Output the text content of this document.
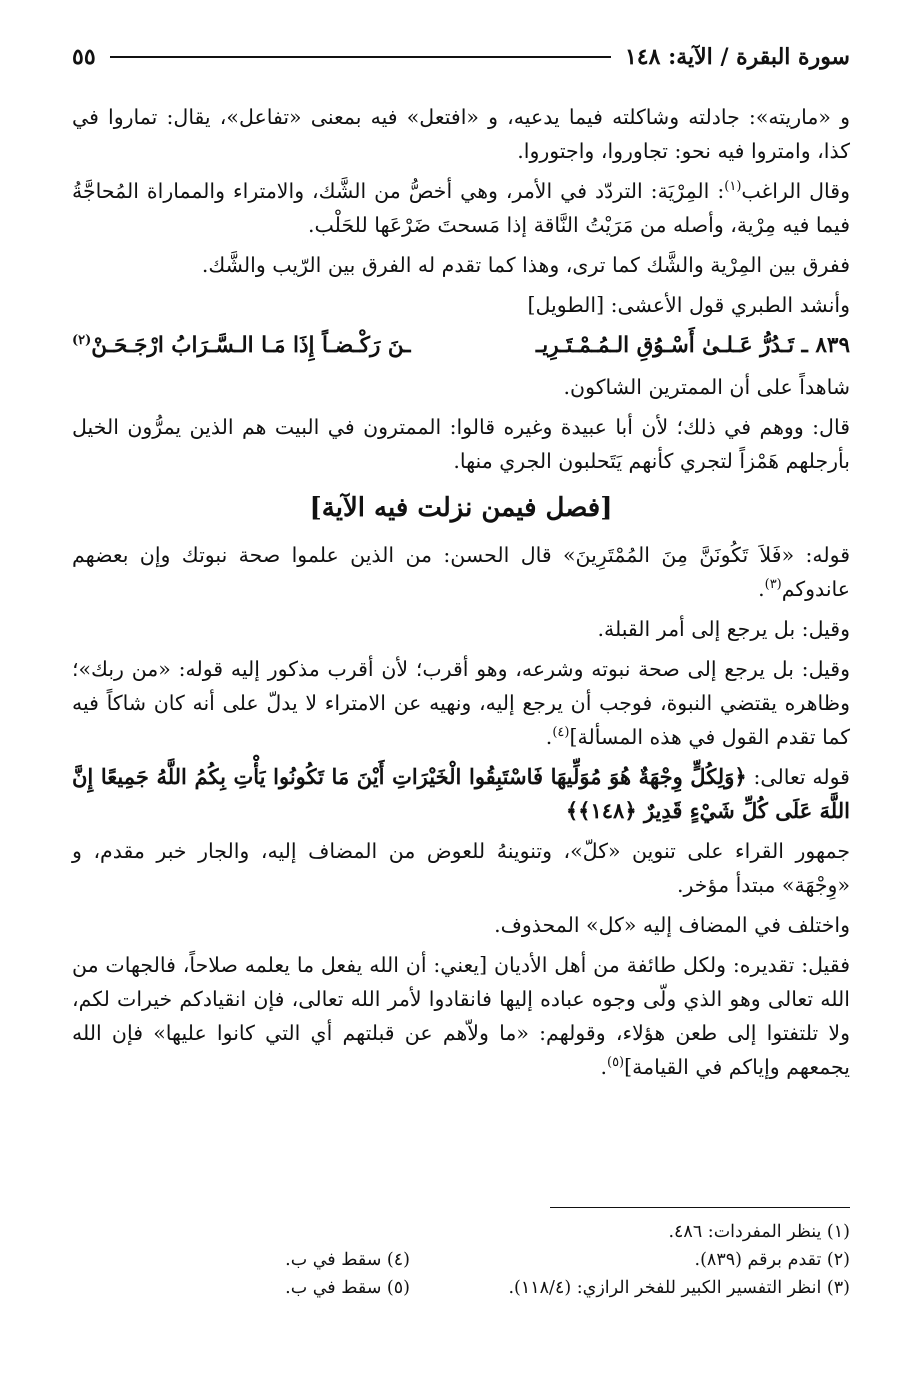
سورة البقرة / الآية: ١٤٨
٥٥

و «ماريته»: جادلته وشاكلته فيما يدعيه، و «افتعل» فيه بمعنى «تفاعل»، يقال: تماروا في كذا، وامتروا فيه نحو: تجاوروا، واجتوروا.

وقال الراغب$^{(١)}$: المِرْيَة: التردّد في الأمر، وهي أخصُّ من الشَّك، والامتراء والمماراة المُحاجَّةُ فيما فيه مِرْية، وأصله من مَرَيْتُ النَّاقة إذا مَسحتَ ضَرْعَها للحَلْب.

ففرق بين المِرْية والشَّك كما ترى، وهذا كما تقدم له الفرق بين الرّيب والشَّك.

وأنشد الطبري قول الأعشى: [الطويل]

٨٣٩ ـ تَـدُرُّ عَـلـىٰ أَسْـوُقِ الـمُـمْـتَـرِيـ
ـنَ رَكْـضـاً إِذَا مَـا الـسَّـرَابُ ارْجَـحَـنْ$^{(٢)}$

شاهداً على أن الممترين الشاكون.

قال: ووهم في ذلك؛ لأن أبا عبيدة وغيره قالوا: الممترون في البيت هم الذين يمرُّون الخيل بأرجلهم هَمْزاً لتجري كأنهم يَتَحلبون الجري منها.

[فصل فيمن نزلت فيه الآية]

قوله: «فَلاَ تَكُونَنَّ مِنَ المُمْتَرِينَ» قال الحسن: من الذين علموا صحة نبوتك وإن بعضهم عاندوكم$^{(٣)}$.

وقيل: بل يرجع إلى أمر القبلة.

وقيل: بل يرجع إلى صحة نبوته وشرعه، وهو أقرب؛ لأن أقرب مذكور إليه قوله: «من ربك»؛ وظاهره يقتضي النبوة، فوجب أن يرجع إليه، ونهيه عن الامتراء لا يدلّ على أنه كان شاكاً فيه كما تقدم القول في هذه المسألة]$^{(٤)}$.

قوله تعالى: ﴿وَلِكُلٍّ وِجْهَةٌ هُوَ مُوَلِّيهَا فَاسْتَبِقُوا الْخَيْرَاتِ أَيْنَ مَا تَكُونُوا يَأْتِ بِكُمُ اللَّهُ جَمِيعًا إِنَّ اللَّهَ عَلَى كُلِّ شَيْءٍ قَدِيرٌ ﴿١٤٨﴾﴾

جمهور القراء على تنوين «كلّ»، وتنوينهُ للعوض من المضاف إليه، والجار خبر مقدم، و «وِجْهَة» مبتدأ مؤخر.

واختلف في المضاف إليه «كل» المحذوف.

فقيل: تقديره: ولكل طائفة من أهل الأديان [يعني: أن الله يفعل ما يعلمه صلاحاً، فالجهات من الله تعالى وهو الذي ولّى وجوه عباده إليها فانقادوا لأمر الله تعالى، فإن انقيادكم خيرات لكم، ولا تلتفتوا إلى طعن هؤلاء، وقولهم: «ما ولاّهم عن قبلتهم أي التي كانوا عليها» فإن الله يجمعهم وإياكم في القيامة]$^{(٥)}$.

(١) ينظر المفردات: ٤٨٦.
(٢) تقدم برقم (٨٣٩).
(٤) سقط في ب.
(٣) انظر التفسير الكبير للفخر الرازي: (١١٨/٤).
(٥) سقط في ب.
